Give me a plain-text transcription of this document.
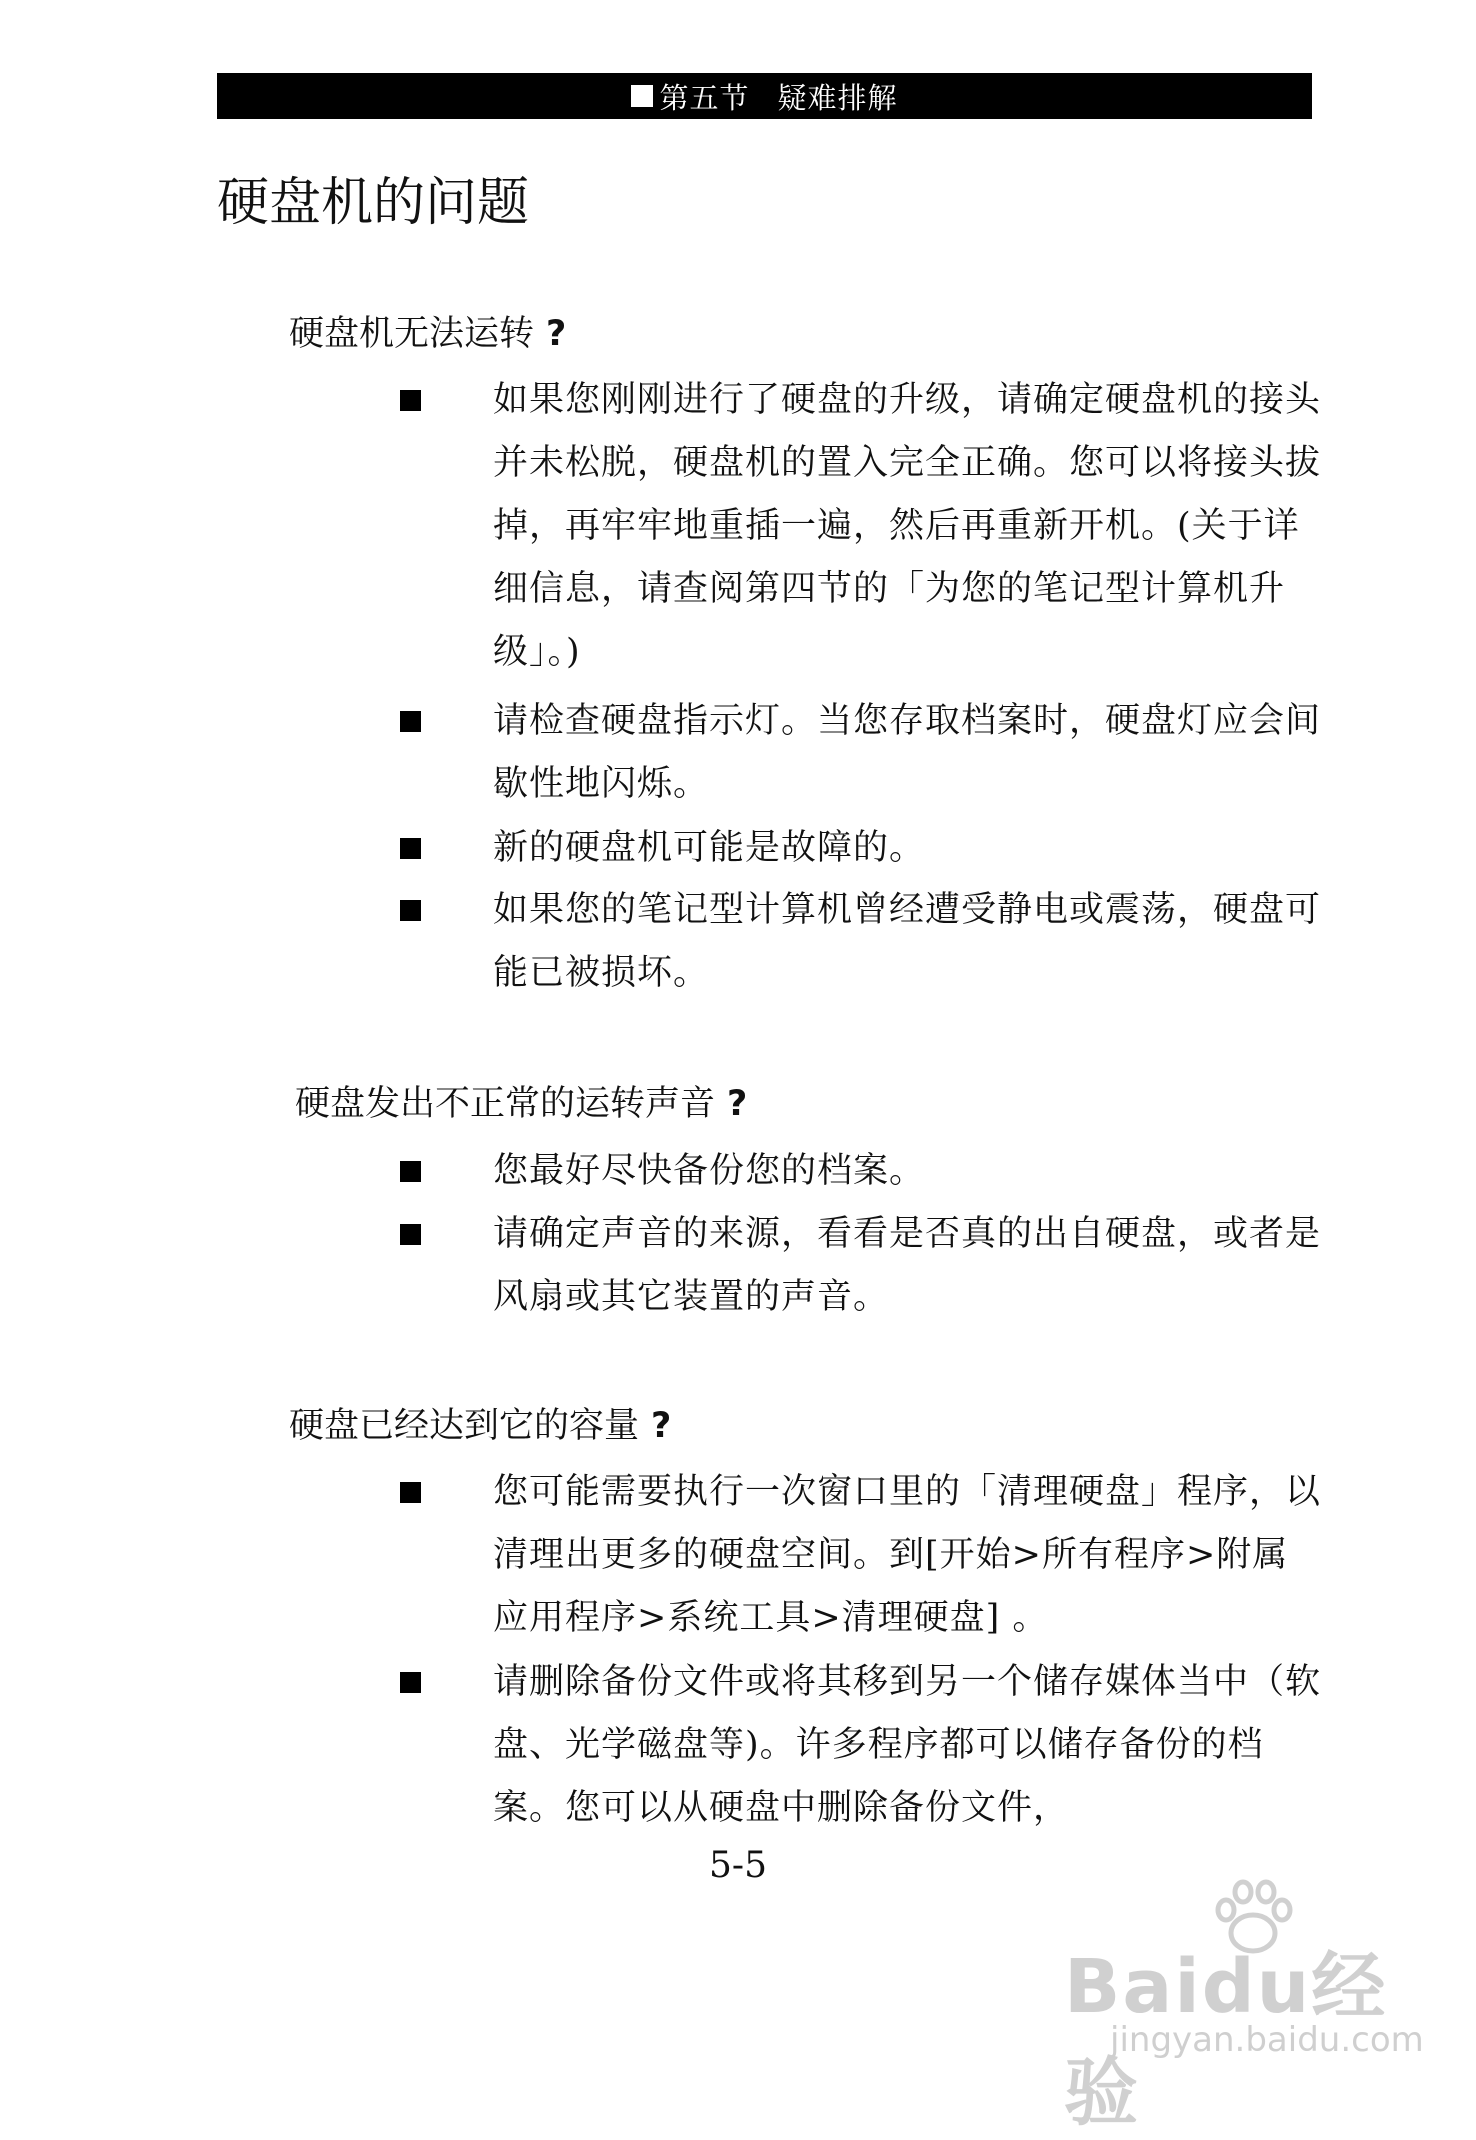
第五节 疑难排解
硬盘机的问题
硬盘机无法运转 ?
如果您刚刚进行了硬盘的升级，请确定硬盘机的接头并未松脱，硬盘机的置入完全正确。您可以将接头拔掉，再牢牢地重插一遍，然后再重新开机。(关于详细信息，请查阅第四节的「为您的笔记型计算机升级」。)
请检查硬盘指示灯。当您存取档案时，硬盘灯应会间歇性地闪烁。
新的硬盘机可能是故障的。
如果您的笔记型计算机曾经遭受静电或震荡，硬盘可能已被损坏。
硬盘发出不正常的运转声音 ?
您最好尽快备份您的档案。
请确定声音的来源，看看是否真的出自硬盘，或者是风扇或其它装置的声音。
硬盘已经达到它的容量 ?
您可能需要执行一次窗口里的「清理硬盘」程序，以清理出更多的硬盘空间。到[开始>所有程序>附属应用程序>系统工具>清理硬盘] 。
请删除备份文件或将其移到另一个储存媒体当中（软盘、光学磁盘等)。许多程序都可以储存备份的档案。您可以从硬盘中删除备份文件，
5-5
Baidu经验
jingyan.baidu.com
